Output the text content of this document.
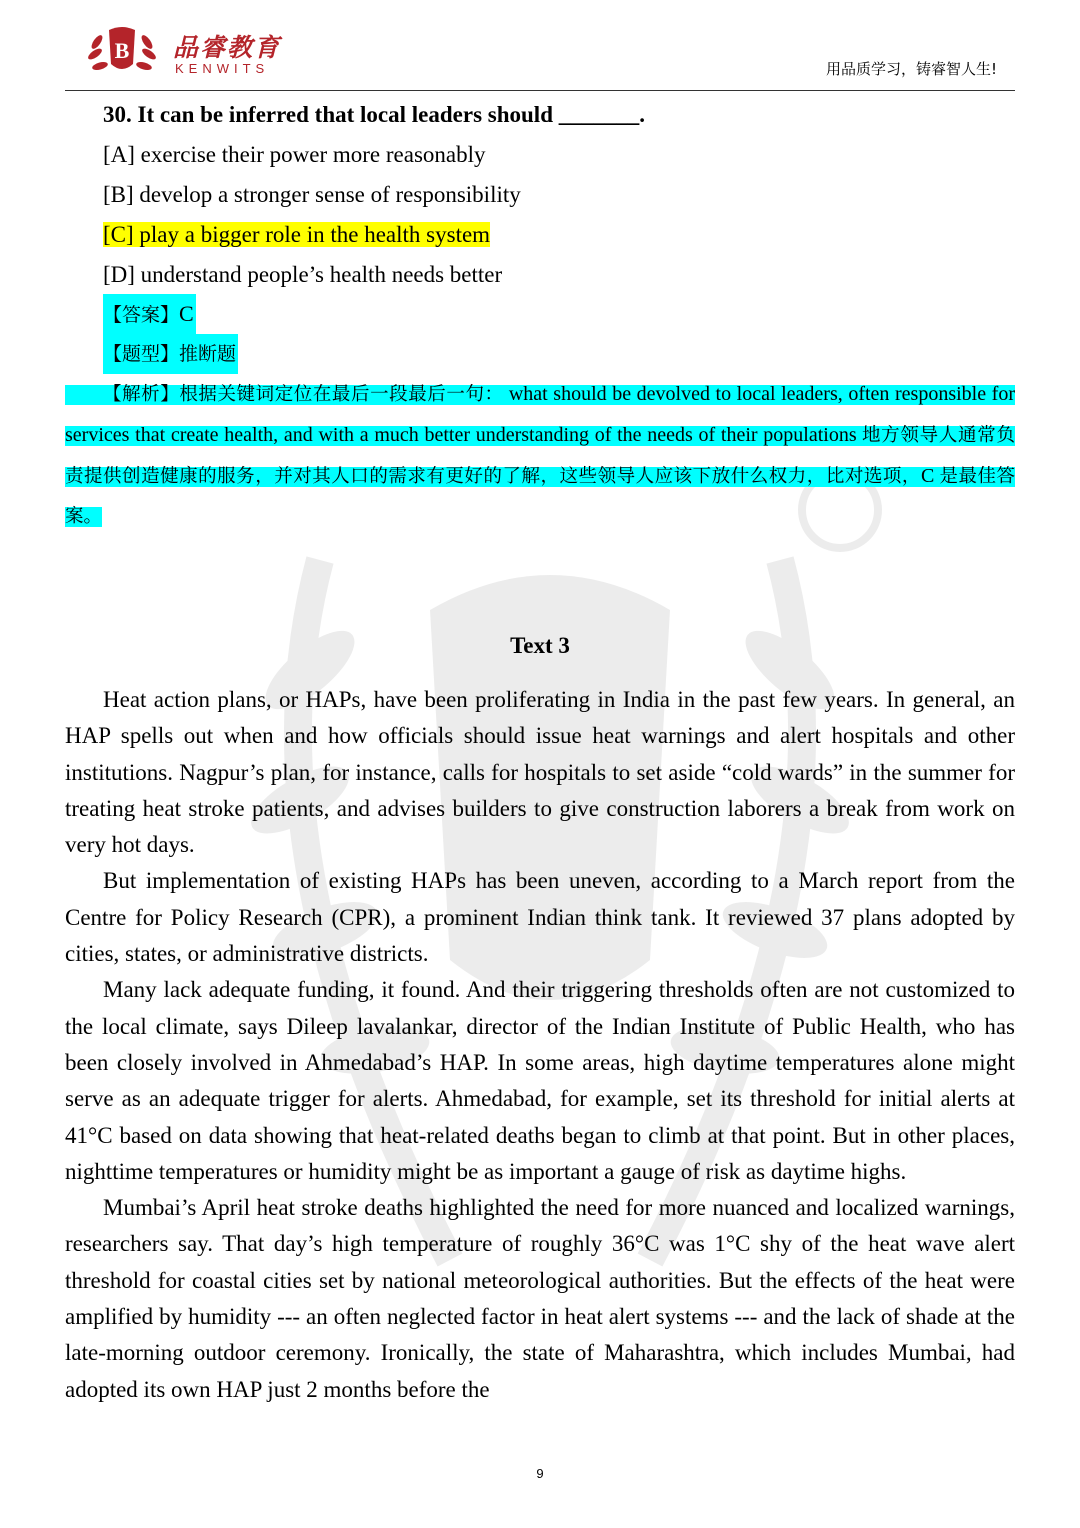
B 品睿教育
KENWITS	用品质学习，铸睿智人生!
30. It can be inferred that local leaders should _______.
[A] exercise their power more reasonably
[B] develop a stronger sense of responsibility
[C] play a bigger role in the health system
[D] understand people’s health needs better
【答案】C
【题型】推断题
【解析】根据关键词定位在最后一段最后一句： what should be devolved to local leaders, often responsible for services that create health, and with a much better understanding of the needs of their populations 地方领导人通常负责提供创造健康的服务，并对其人口的需求有更好的了解，这些领导人应该下放什么权力，比对选项，C 是最佳答案。
Text 3

Heat action plans, or HAPs, have been proliferating in India in the past few years. In general, an HAP spells out when and how officials should issue heat warnings and alert hospitals and other institutions. Nagpur’s plan, for instance, calls for hospitals to set aside “cold wards” in the summer for treating heat stroke patients, and advises builders to give construction laborers a break from work on very hot days.

But implementation of existing HAPs has been uneven, according to a March report from the Centre for Policy Research (CPR), a prominent Indian think tank. It reviewed 37 plans adopted by cities, states, or administrative districts.

Many lack adequate funding, it found. And their triggering thresholds often are not customized to the local climate, says Dileep lavalankar, director of the Indian Institute of Public Health, who has been closely involved in Ahmedabad’s HAP. In some areas, high daytime temperatures alone might serve as an adequate trigger for alerts. Ahmedabad, for example, set its threshold for initial alerts at 41°C based on data showing that heat-related deaths began to climb at that point. But in other places, nighttime temperatures or humidity might be as important a gauge of risk as daytime highs.

Mumbai’s April heat stroke deaths highlighted the need for more nuanced and localized warnings, researchers say. That day’s high temperature of roughly 36°C was 1°C shy of the heat wave alert threshold for coastal cities set by national meteorological authorities. But the effects of the heat were amplified by humidity --- an often neglected factor in heat alert systems --- and the lack of shade at the late-morning outdoor ceremony. Ironically, the state of Maharashtra, which includes Mumbai, had adopted its own HAP just 2 months before the

9
